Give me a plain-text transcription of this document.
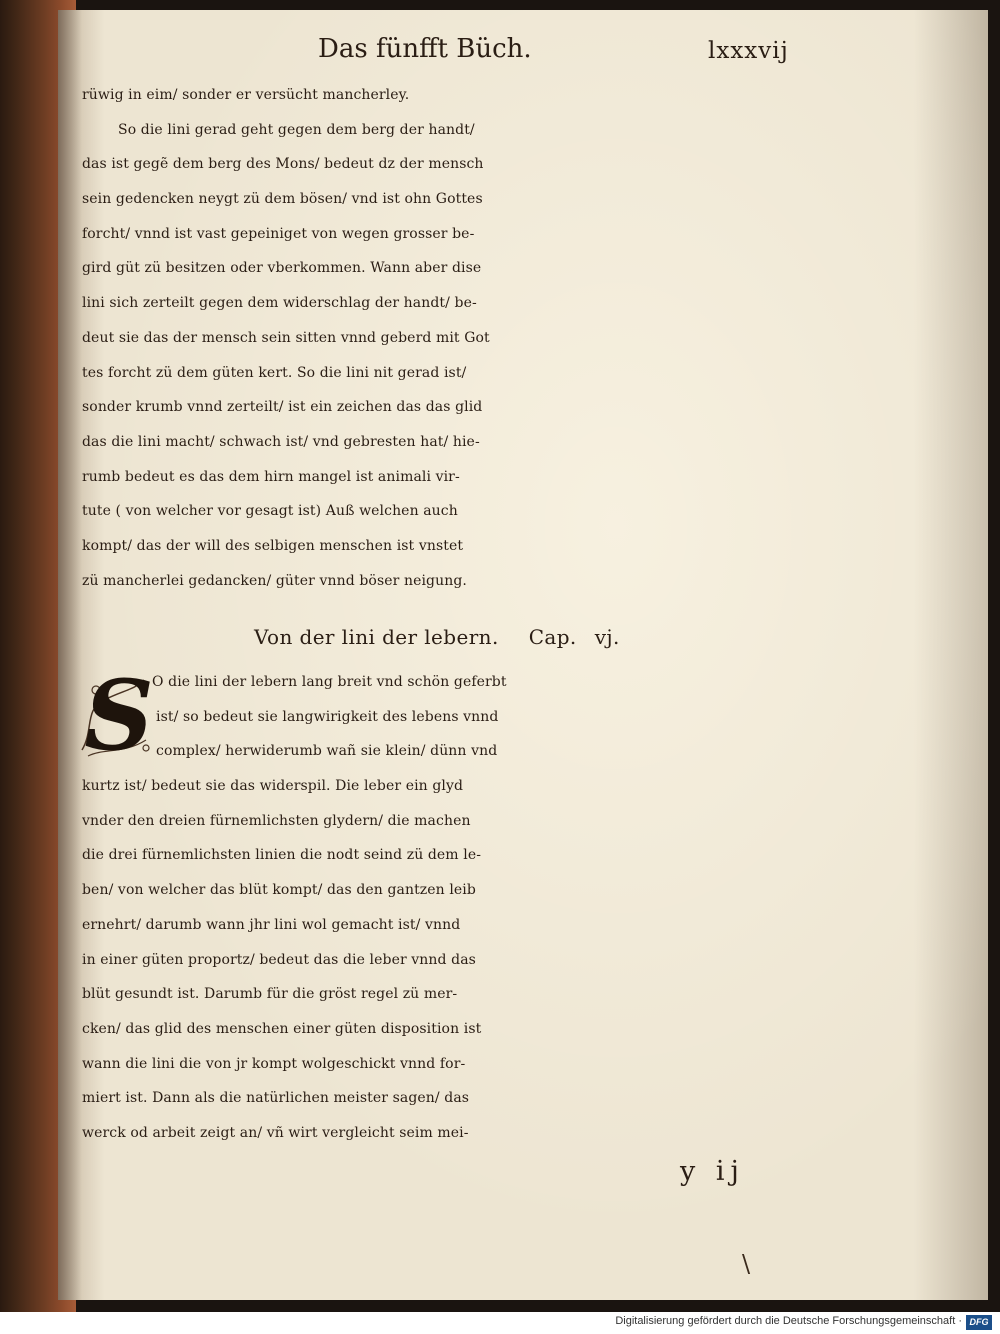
Das fünfft Büch.	lxxxvij
rüwig in eim/ sonder er versücht mancherley.
So die lini gerad geht gegen dem berg der handt/
das ist gegẽ dem berg des Mons/ bedeut dz der mensch
sein gedencken neygt zü dem bösen/ vnd ist ohn Gottes
forcht/ vnnd ist vast gepeiniget von wegen grosser be-
gird güt zü besitzen oder vberkommen. Wann aber dise
lini sich zerteilt gegen dem widerschlag der handt/ be-
deut sie das der mensch sein sitten vnnd geberd mit Got
tes forcht zü dem güten kert. So die lini nit gerad ist/
sonder krumb vnnd zerteilt/ ist ein zeichen das das glid
das die lini macht/ schwach ist/ vnd gebresten hat/ hie-
rumb bedeut es das dem hirn mangel ist animali vir-
tute ( von welcher vor gesagt ist) Auß welchen auch
kompt/ das der will des selbigen menschen ist vnstet
zü mancherlei gedancken/ güter vnnd böser neigung.
Von der lini der lebern. Cap. vj.
S
O die lini der lebern lang breit vnd schön geferbt
ist/ so bedeut sie langwirigkeit des lebens vnnd
complex/ herwiderumb wañ sie klein/ dünn vnd
kurtz ist/ bedeut sie das widerspil. Die leber ein glyd
vnder den dreien fürnemlichsten glydern/ die machen
die drei fürnemlichsten linien die nodt seind zü dem le-
ben/ von welcher das blüt kompt/ das den gantzen leib
ernehrt/ darumb wann jhr lini wol gemacht ist/ vnnd
in einer güten proportz/ bedeut das die leber vnnd das
blüt gesundt ist. Darumb für die gröst regel zü mer-
cken/ das glid des menschen einer güten disposition ist
wann die lini die von jr kompt wolgeschickt vnnd for-
miert ist. Dann als die natürlichen meister sagen/ das
werck od arbeit zeigt an/ vñ wirt vergleicht seim mei-
y ij
\
Digitalisierung gefördert durch die Deutsche Forschungsgemeinschaft · DFG
